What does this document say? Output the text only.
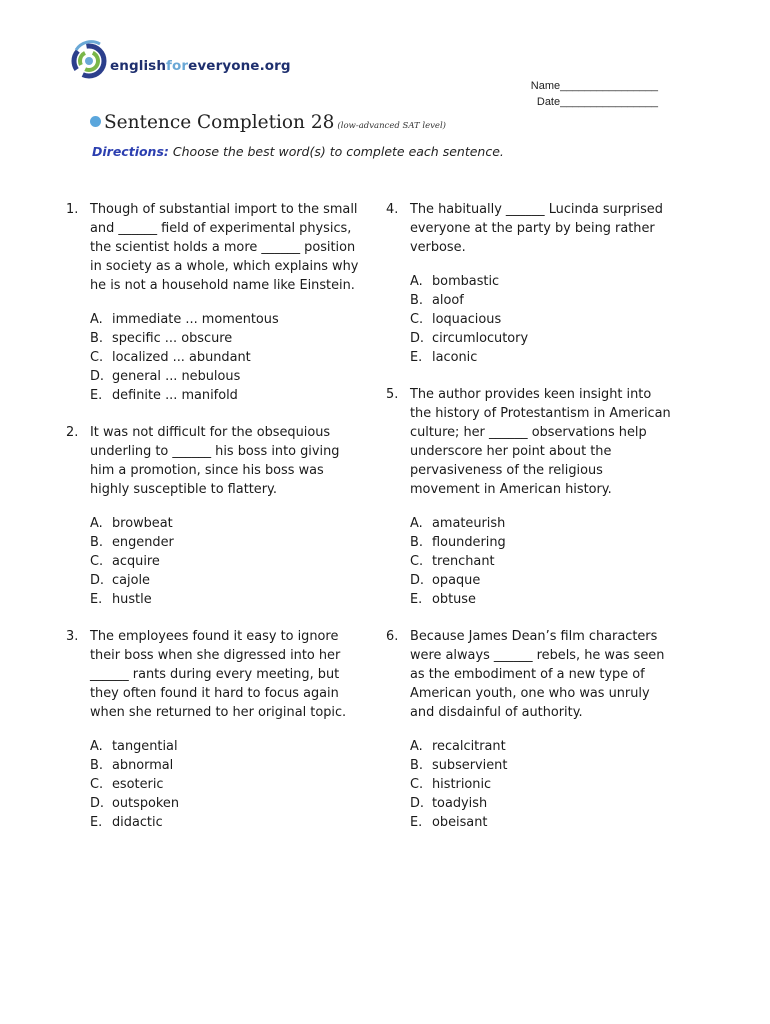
englishforeveryone.org
Name________________
Date________________
Sentence Completion 28 (low-advanced SAT level)
Directions: Choose the best word(s) to complete each sentence.
1. Though of substantial import to the small and ______ field of experimental physics, the scientist holds a more ______ position in society as a whole, which explains why he is not a household name like Einstein.
A. immediate ... momentous
B. specific ... obscure
C. localized ... abundant
D. general ... nebulous
E. definite ... manifold
2. It was not difficult for the obsequious underling to ______ his boss into giving him a promotion, since his boss was highly susceptible to flattery.
A. browbeat
B. engender
C. acquire
D. cajole
E. hustle
3. The employees found it easy to ignore their boss when she digressed into her ______ rants during every meeting, but they often found it hard to focus again when she returned to her original topic.
A. tangential
B. abnormal
C. esoteric
D. outspoken
E. didactic
4. The habitually ______ Lucinda surprised everyone at the party by being rather verbose.
A. bombastic
B. aloof
C. loquacious
D. circumlocutory
E. laconic
5. The author provides keen insight into the history of Protestantism in American culture; her ______ observations help underscore her point about the pervasiveness of the religious movement in American history.
A. amateurish
B. floundering
C. trenchant
D. opaque
E. obtuse
6. Because James Dean’s film characters were always ______ rebels, he was seen as the embodiment of a new type of American youth, one who was unruly and disdainful of authority.
A. recalcitrant
B. subservient
C. histrionic
D. toadyish
E. obeisant
